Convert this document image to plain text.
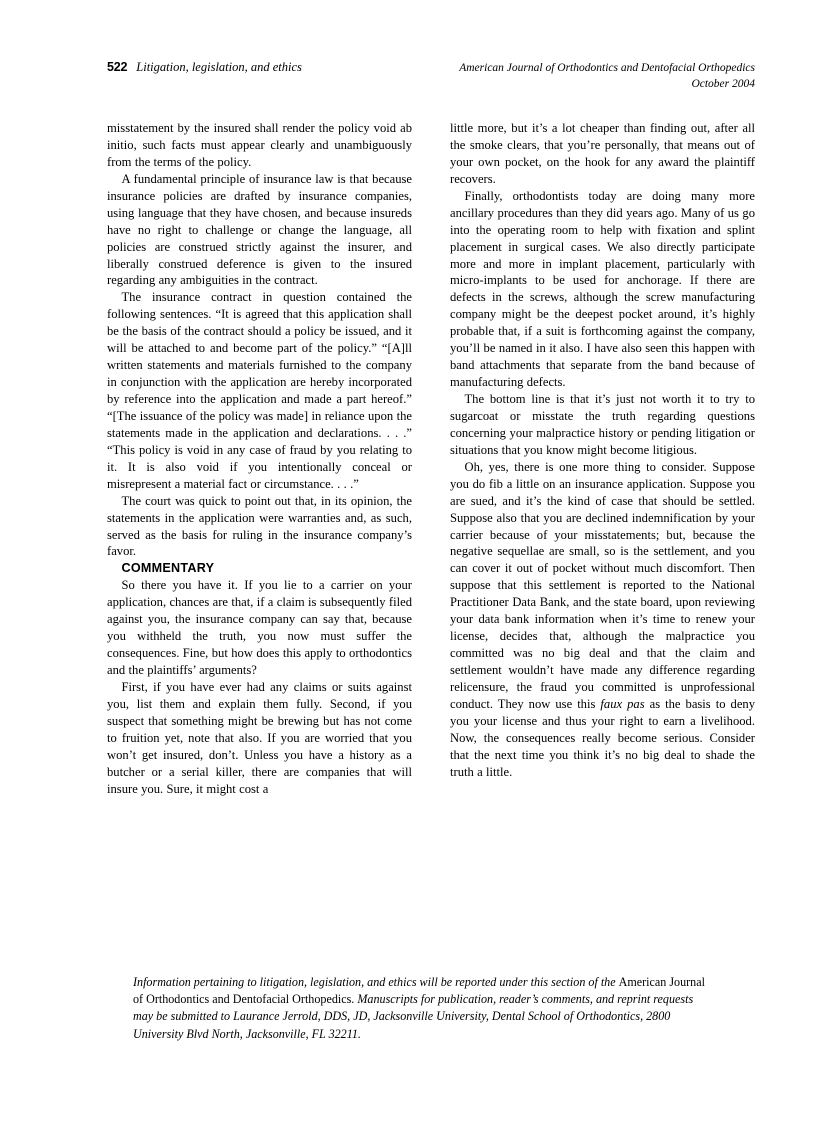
522 Litigation, legislation, and ethics	American Journal of Orthodontics and Dentofacial Orthopedics
October 2004

misstatement by the insured shall render the policy void ab initio, such facts must appear clearly and unambiguously from the terms of the policy.

A fundamental principle of insurance law is that because insurance policies are drafted by insurance companies, using language that they have chosen, and because insureds have no right to challenge or change the language, all policies are construed strictly against the insurer, and liberally construed deference is given to the insured regarding any ambiguities in the contract.

The insurance contract in question contained the following sentences. “It is agreed that this application shall be the basis of the contract should a policy be issued, and it will be attached to and become part of the policy.” “[A]ll written statements and materials furnished to the company in conjunction with the application are hereby incorporated by reference into the application and made a part hereof.” “[The issuance of the policy was made] in reliance upon the statements made in the application and declarations. . . .” “This policy is void in any case of fraud by you relating to it. It is also void if you intentionally conceal or misrepresent a material fact or circumstance. . . .”

The court was quick to point out that, in its opinion, the statements in the application were warranties and, as such, served as the basis for ruling in the insurance company’s favor.

COMMENTARY

So there you have it. If you lie to a carrier on your application, chances are that, if a claim is subsequently filed against you, the insurance company can say that, because you withheld the truth, you now must suffer the consequences. Fine, but how does this apply to orthodontics and the plaintiffs’ arguments?

First, if you have ever had any claims or suits against you, list them and explain them fully. Second, if you suspect that something might be brewing but has not come to fruition yet, note that also. If you are worried that you won’t get insured, don’t. Unless you have a history as a butcher or a serial killer, there are companies that will insure you. Sure, it might cost a

little more, but it’s a lot cheaper than finding out, after all the smoke clears, that you’re personally, that means out of your own pocket, on the hook for any award the plaintiff recovers.

Finally, orthodontists today are doing many more ancillary procedures than they did years ago. Many of us go into the operating room to help with fixation and splint placement in surgical cases. We also directly participate more and more in implant placement, particularly with micro-implants to be used for anchorage. If there are defects in the screws, although the screw manufacturing company might be the deepest pocket around, it’s highly probable that, if a suit is forthcoming against the company, you’ll be named in it also. I have also seen this happen with band attachments that separate from the band because of manufacturing defects.

The bottom line is that it’s just not worth it to try to sugarcoat or misstate the truth regarding questions concerning your malpractice history or pending litigation or situations that you know might become litigious.

Oh, yes, there is one more thing to consider. Suppose you do fib a little on an insurance application. Suppose you are sued, and it’s the kind of case that should be settled. Suppose also that you are declined indemnification by your carrier because of your misstatements; but, because the negative sequellae are small, so is the settlement, and you can cover it out of pocket without much discomfort. Then suppose that this settlement is reported to the National Practitioner Data Bank, and the state board, upon reviewing your data bank information when it’s time to renew your license, decides that, although the malpractice you committed was no big deal and that the claim and settlement wouldn’t have made any difference regarding relicensure, the fraud you committed is unprofessional conduct. They now use this faux pas as the basis to deny you your license and thus your right to earn a livelihood. Now, the consequences really become serious. Consider that the next time you think it’s no big deal to shade the truth a little.

Information pertaining to litigation, legislation, and ethics will be reported under this section of the American Journal of Orthodontics and Dentofacial Orthopedics. Manuscripts for publication, reader’s comments, and reprint requests may be submitted to Laurance Jerrold, DDS, JD, Jacksonville University, Dental School of Orthodontics, 2800 University Blvd North, Jacksonville, FL 32211.
